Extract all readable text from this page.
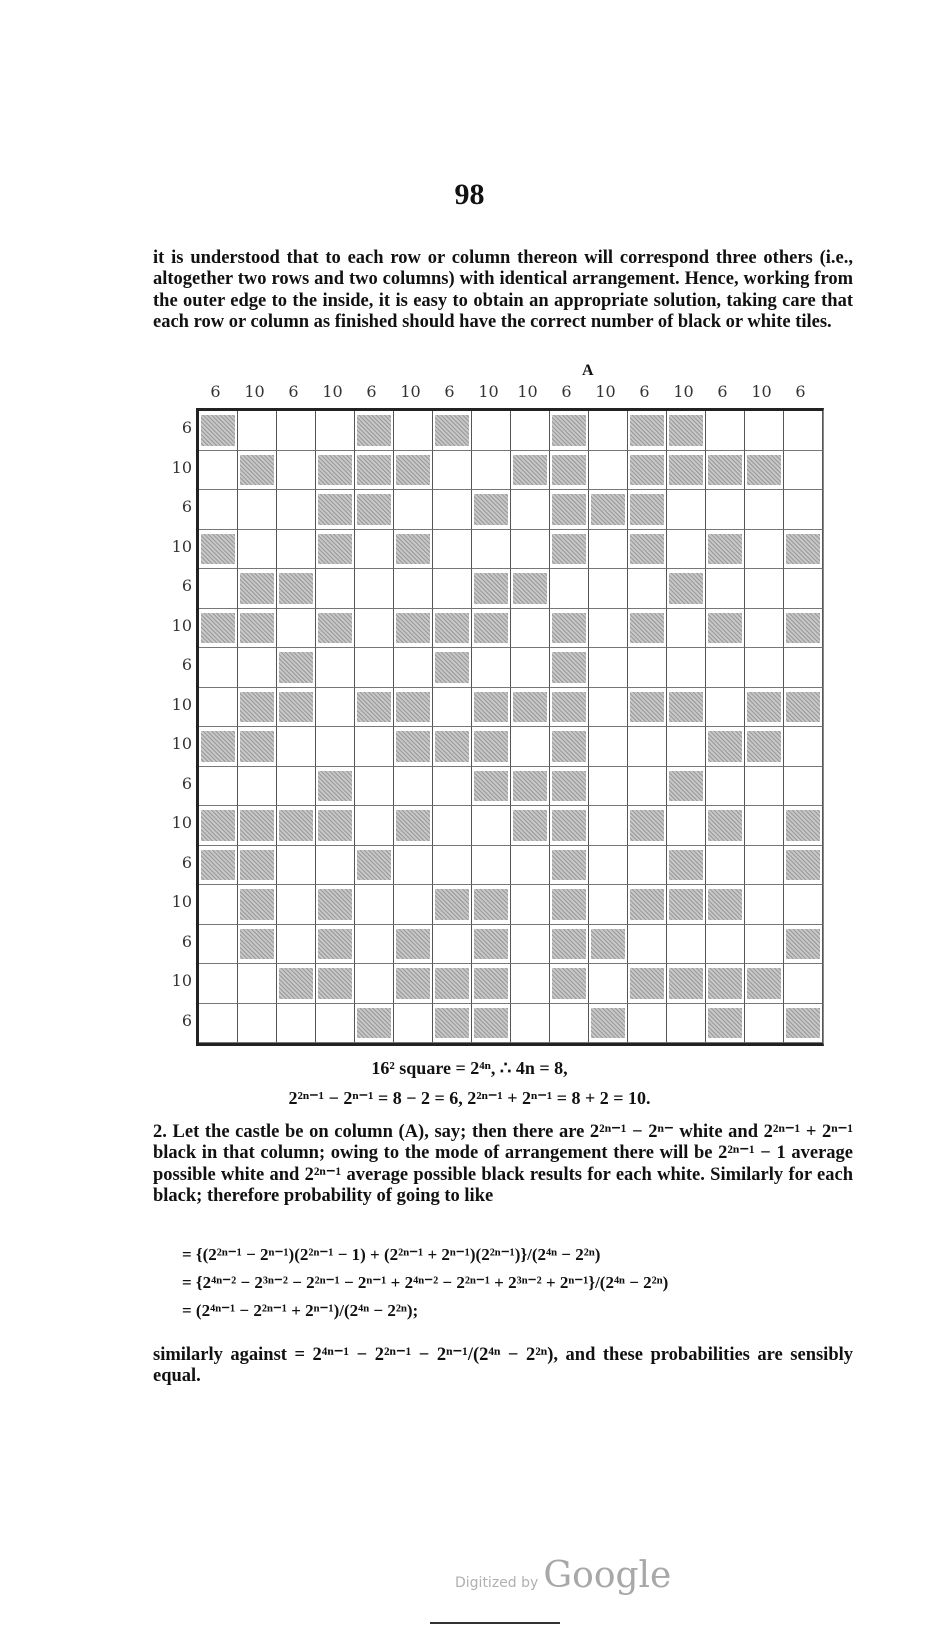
98
it is understood that to each row or column thereon will correspond three others (i.e., altogether two rows and two columns) with identical arrangement. Hence, working from the outer edge to the inside, it is easy to obtain an appropriate solution, taking care that each row or column as finished should have the correct number of black or white tiles.
A
6	10	6	10	6	10	6	10	10	6	10	6	10	6	10	6
6
10
6
10
6
10
6
10
10
6
10
6
10
6
10
6
16² square = 2⁴ⁿ, ∴ 4n = 8,
2²ⁿ⁻¹ − 2ⁿ⁻¹ = 8 − 2 = 6, 2²ⁿ⁻¹ + 2ⁿ⁻¹ = 8 + 2 = 10.
2. Let the castle be on column (A), say; then there are 2²ⁿ⁻¹ − 2ⁿ⁻ white and 2²ⁿ⁻¹ + 2ⁿ⁻¹ black in that column; owing to the mode of arrangement there will be 2²ⁿ⁻¹ − 1 average possible white and 2²ⁿ⁻¹ average possible black results for each white. Similarly for each black; therefore probability of going to like
= {(2²ⁿ⁻¹ − 2ⁿ⁻¹)(2²ⁿ⁻¹ − 1) + (2²ⁿ⁻¹ + 2ⁿ⁻¹)(2²ⁿ⁻¹)}/(2⁴ⁿ − 2²ⁿ)
= {2⁴ⁿ⁻² − 2³ⁿ⁻² − 2²ⁿ⁻¹ − 2ⁿ⁻¹ + 2⁴ⁿ⁻² − 2²ⁿ⁻¹ + 2³ⁿ⁻² + 2ⁿ⁻¹}/(2⁴ⁿ − 2²ⁿ)
= (2⁴ⁿ⁻¹ − 2²ⁿ⁻¹ + 2ⁿ⁻¹)/(2⁴ⁿ − 2²ⁿ);
similarly against = 2⁴ⁿ⁻¹ − 2²ⁿ⁻¹ − 2ⁿ⁻¹/(2⁴ⁿ − 2²ⁿ), and these probabilities are sensibly equal.
Digitized by Google
